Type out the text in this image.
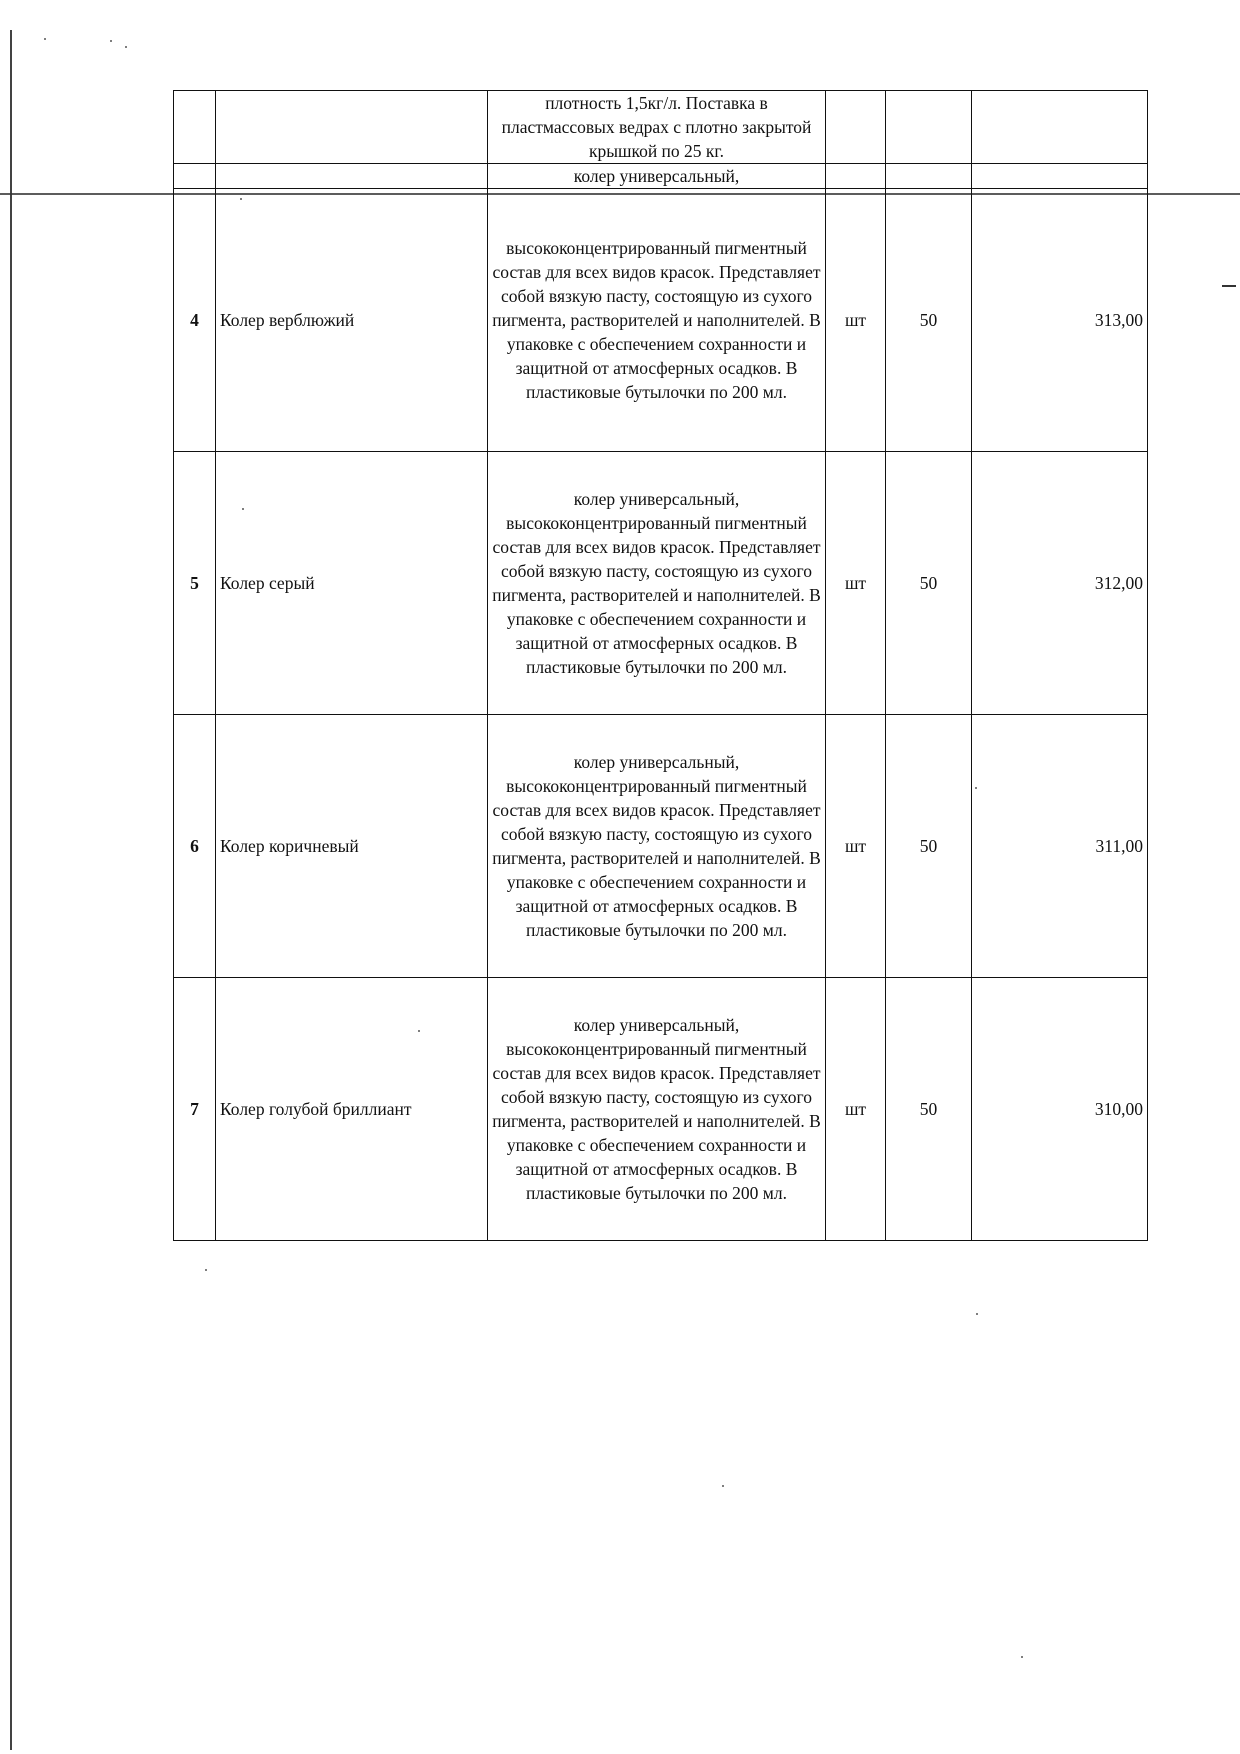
		плотность 1,5кг/л. Поставка в пластмассовых ведрах с плотно закрытой крышкой по 25 кг.			
		колер универсальный,			
4	Колер верблюжий	высококонцентрированный пигментный состав для всех видов красок. Представляет собой вязкую пасту, состоящую из сухого пигмента, растворителей и наполнителей. В упаковке с обеспечением сохранности и защитной от атмосферных осадков. В пластиковые бутылочки по 200 мл.	шт	50	313,00
5	Колер серый	колер универсальный, высококонцентрированный пигментный состав для всех видов красок. Представляет собой вязкую пасту, состоящую из сухого пигмента, растворителей и наполнителей. В упаковке с обеспечением сохранности и защитной от атмосферных осадков. В пластиковые бутылочки по 200 мл.	шт	50	312,00
6	Колер коричневый	колер универсальный, высококонцентрированный пигментный состав для всех видов красок. Представляет собой вязкую пасту, состоящую из сухого пигмента, растворителей и наполнителей. В упаковке с обеспечением сохранности и защитной от атмосферных осадков. В пластиковые бутылочки по 200 мл.	шт	50	311,00
7	Колер голубой бриллиант	колер универсальный, высококонцентрированный пигментный состав для всех видов красок. Представляет собой вязкую пасту, состоящую из сухого пигмента, растворителей и наполнителей. В упаковке с обеспечением сохранности и защитной от атмосферных осадков. В пластиковые бутылочки по 200 мл.	шт	50	310,00
